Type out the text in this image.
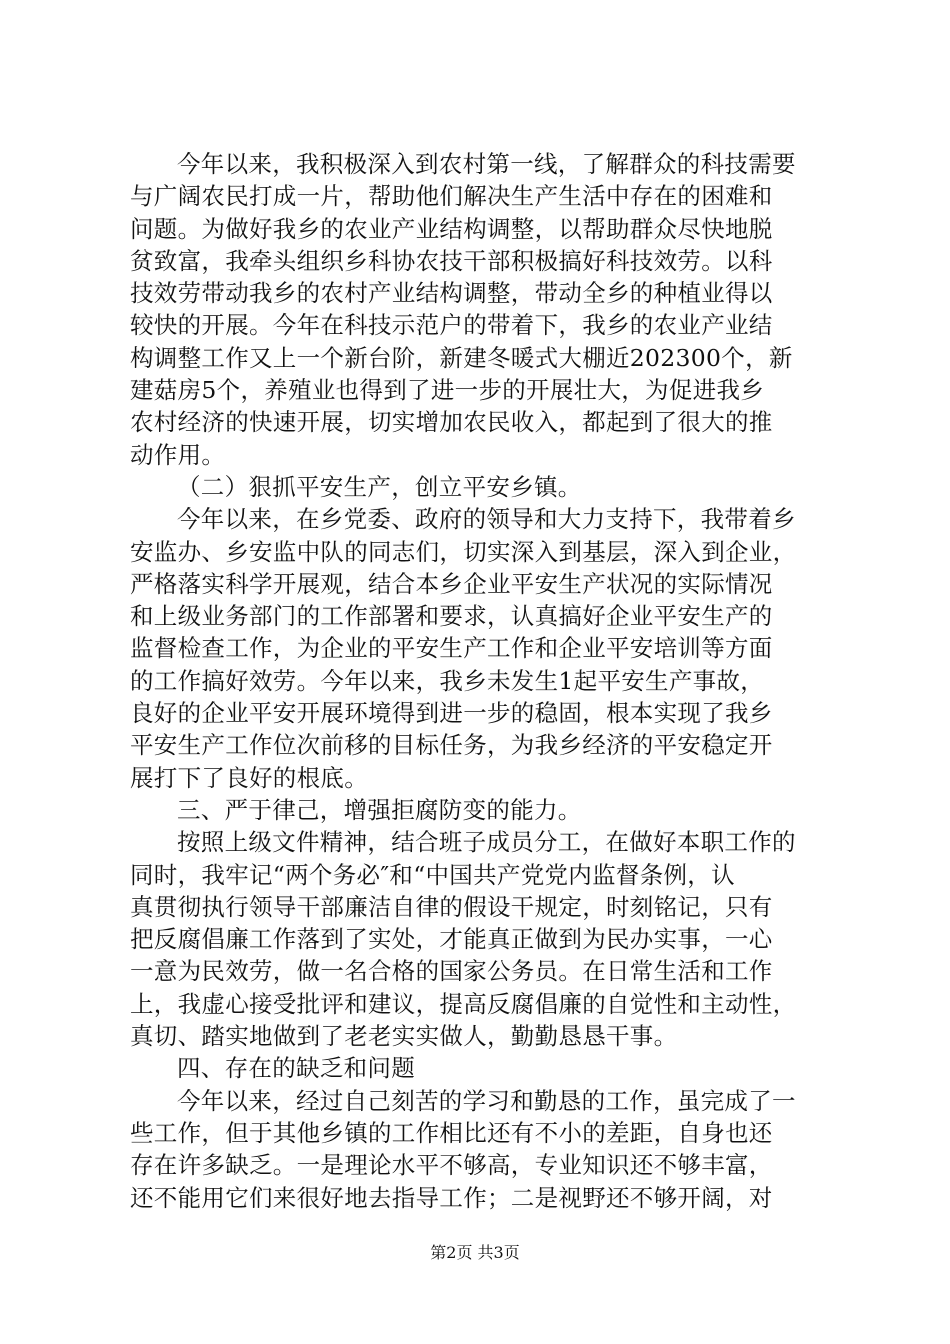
今年以来，我积极深入到农村第一线，了解群众的科技需要
与广阔农民打成一片，帮助他们解决生产生活中存在的困难和
问题。为做好我乡的农业产业结构调整，以帮助群众尽快地脱
贫致富，我牵头组织乡科协农技干部积极搞好科技效劳。以科
技效劳带动我乡的农村产业结构调整，带动全乡的种植业得以
较快的开展。今年在科技示范户的带着下，我乡的农业产业结
构调整工作又上一个新台阶，新建冬暖式大棚近202300个，新
建菇房5个，养殖业也得到了进一步的开展壮大，为促进我乡
农村经济的快速开展，切实增加农民收入，都起到了很大的推
动作用。
（二）狠抓平安生产，创立平安乡镇。
今年以来，在乡党委、政府的领导和大力支持下，我带着乡
安监办、乡安监中队的同志们，切实深入到基层，深入到企业，
严格落实科学开展观，结合本乡企业平安生产状况的实际情况
和上级业务部门的工作部署和要求，认真搞好企业平安生产的
监督检查工作，为企业的平安生产工作和企业平安培训等方面
的工作搞好效劳。今年以来，我乡未发生1起平安生产事故，
良好的企业平安开展环境得到进一步的稳固，根本实现了我乡
平安生产工作位次前移的目标任务，为我乡经济的平安稳定开
展打下了良好的根底。
三、严于律己，增强拒腐防变的能力。
按照上级文件精神，结合班子成员分工，在做好本职工作的
同时，我牢记“两个务必″和“中国共产党党内监督条例，认
真贯彻执行领导干部廉洁自律的假设干规定，时刻铭记，只有
把反腐倡廉工作落到了实处，才能真正做到为民办实事，一心
一意为民效劳，做一名合格的国家公务员。在日常生活和工作
上，我虚心接受批评和建议，提高反腐倡廉的自觉性和主动性，
真切、踏实地做到了老老实实做人，勤勤恳恳干事。
四、存在的缺乏和问题
今年以来，经过自己刻苦的学习和勤恳的工作，虽完成了一
些工作，但于其他乡镇的工作相比还有不小的差距，自身也还
存在许多缺乏。一是理论水平不够高，专业知识还不够丰富，
还不能用它们来很好地去指导工作；二是视野还不够开阔，对
第2页 共3页
